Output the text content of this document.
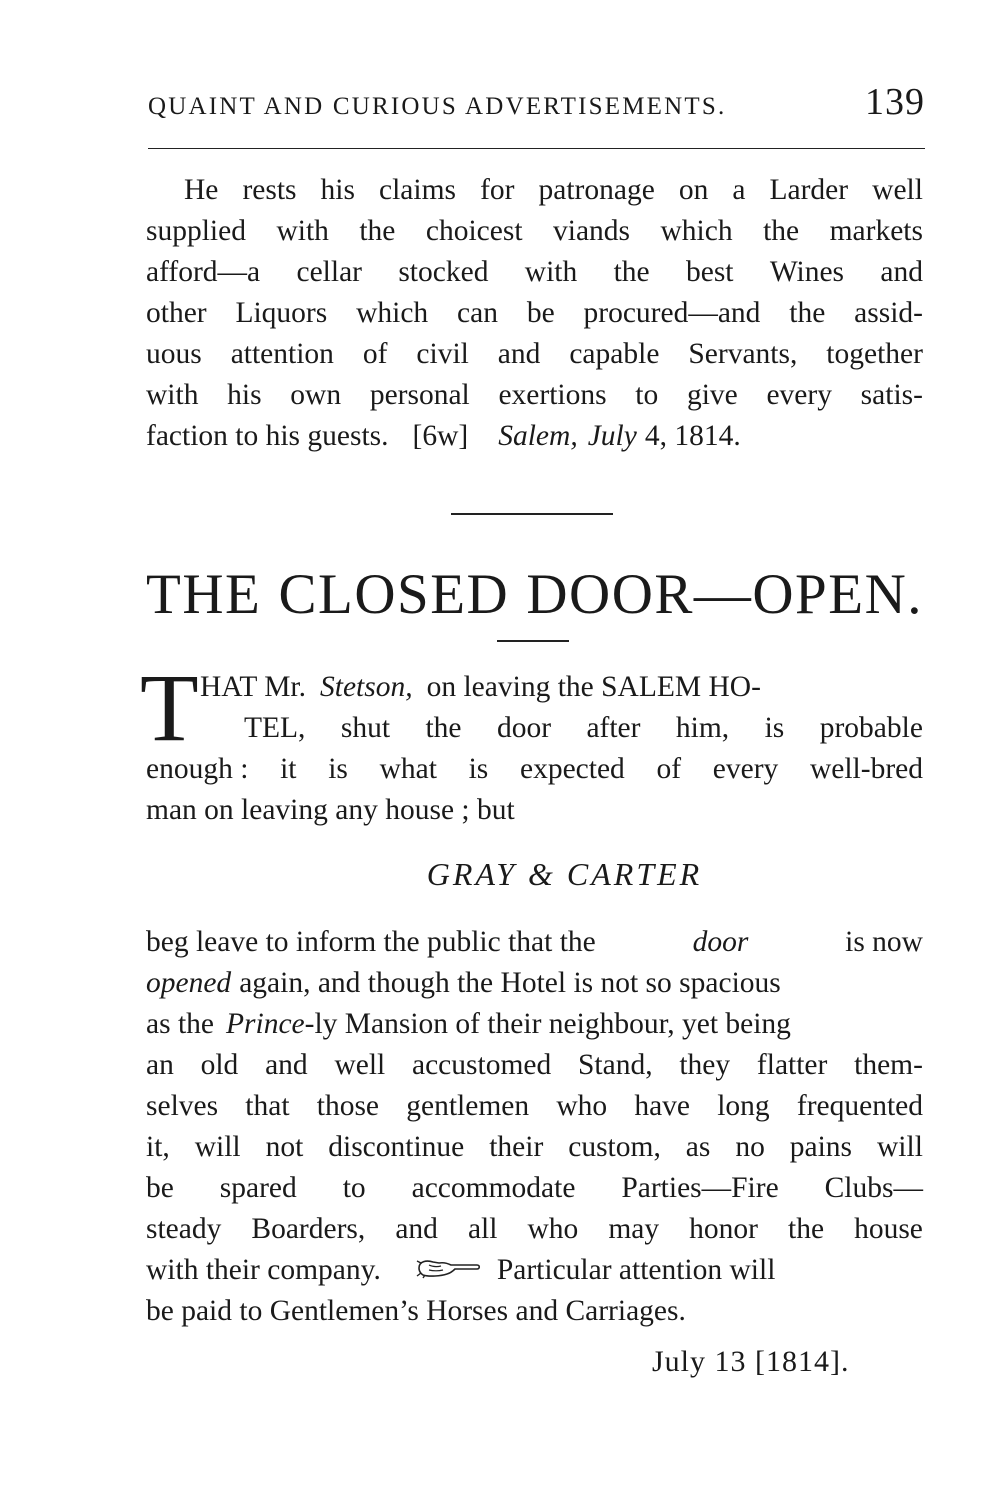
QUAINT AND CURIOUS ADVERTISEMENTS.	139
He rests his claims for patronage on a Larder well
supplied with the choicest viands which the markets
afford—a cellar stocked with the best Wines and
other Liquors which can be procured—and the assid-
uous attention of civil and capable Servants, together
with his own personal exertions to give every satis-
faction to his guests. [6w] Salem, July 4, 1814.
THE CLOSED DOOR—OPEN.
T HAT Mr. Stetson, on leaving the SALEM HO-
TEL, shut the door after him, is probable
enough : it is what is expected of every well-bred
man on leaving any house ; but
GRAY & CARTER
beg leave to inform the public that the	door	is now
opened again, and though the Hotel is not so spacious
as the Prince -ly Mansion of their neighbour, yet being
an old and well accustomed Stand, they flatter them-
selves that those gentlemen who have long frequented
it, will not discontinue their custom, as no pains will
be spared to accommodate Parties—Fire Clubs—
steady Boarders, and all who may honor the house
with their company.	Particular attention will
be paid to Gentlemen’s Horses and Carriages.
July 13 [1814].
